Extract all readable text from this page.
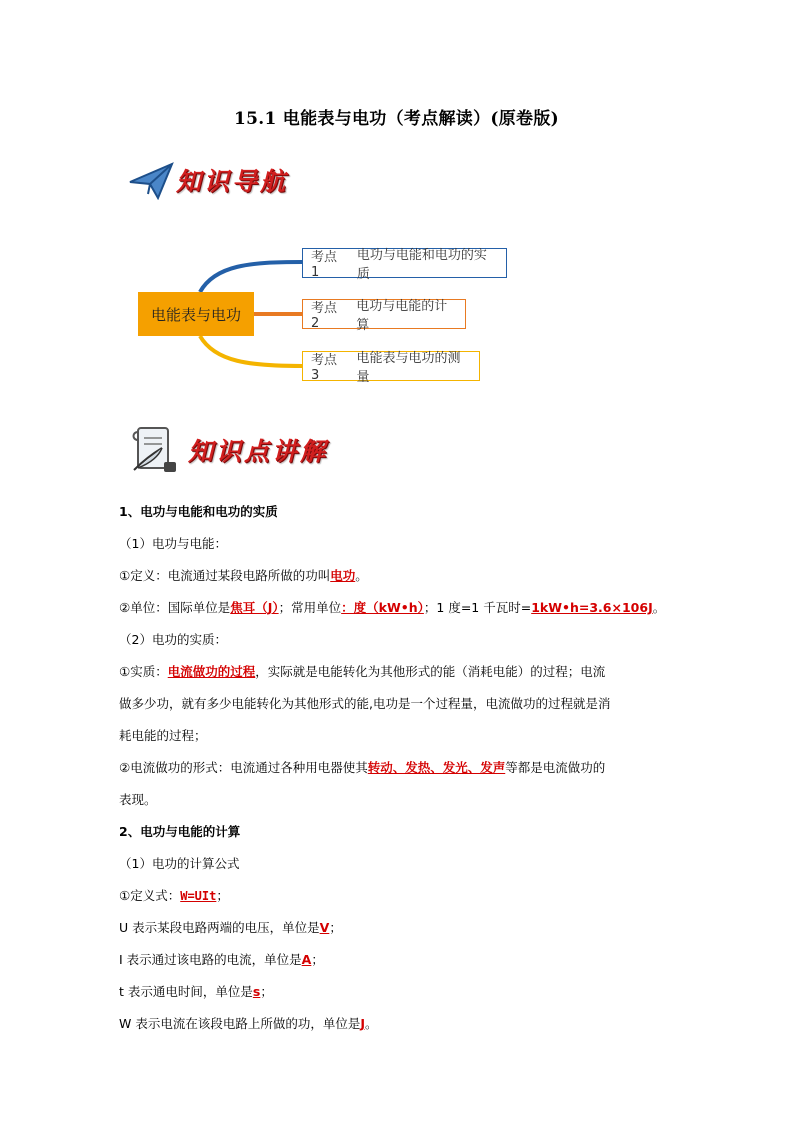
15.1 电能表与电功（考点解读）(原卷版)
知识导航
电能表与电功
考点1
电功与电能和电功的实质
考点2
电功与电能的计算
考点3
电能表与电功的测量
知识点讲解
1、电功与电能和电功的实质
（1）电功与电能：
①定义：电流通过某段电路所做的功叫电功。
②单位：国际单位是焦耳（J）；常用单位：度（kW•h）；1 度=1 千瓦时=1kW•h=3.6×106J。
（2）电功的实质：
①实质：电流做功的过程，实际就是电能转化为其他形式的能（消耗电能）的过程；电流
做多少功，就有多少电能转化为其他形式的能,电功是一个过程量，电流做功的过程就是消
耗电能的过程；
②电流做功的形式：电流通过各种用电器使其转动、发热、发光、发声等都是电流做功的
表现。
2、电功与电能的计算
（1）电功的计算公式
①定义式：W=UIt；
U 表示某段电路两端的电压，单位是V；
I 表示通过该电路的电流，单位是A；
t 表示通电时间，单位是s；
W 表示电流在该段电路上所做的功，单位是J。
